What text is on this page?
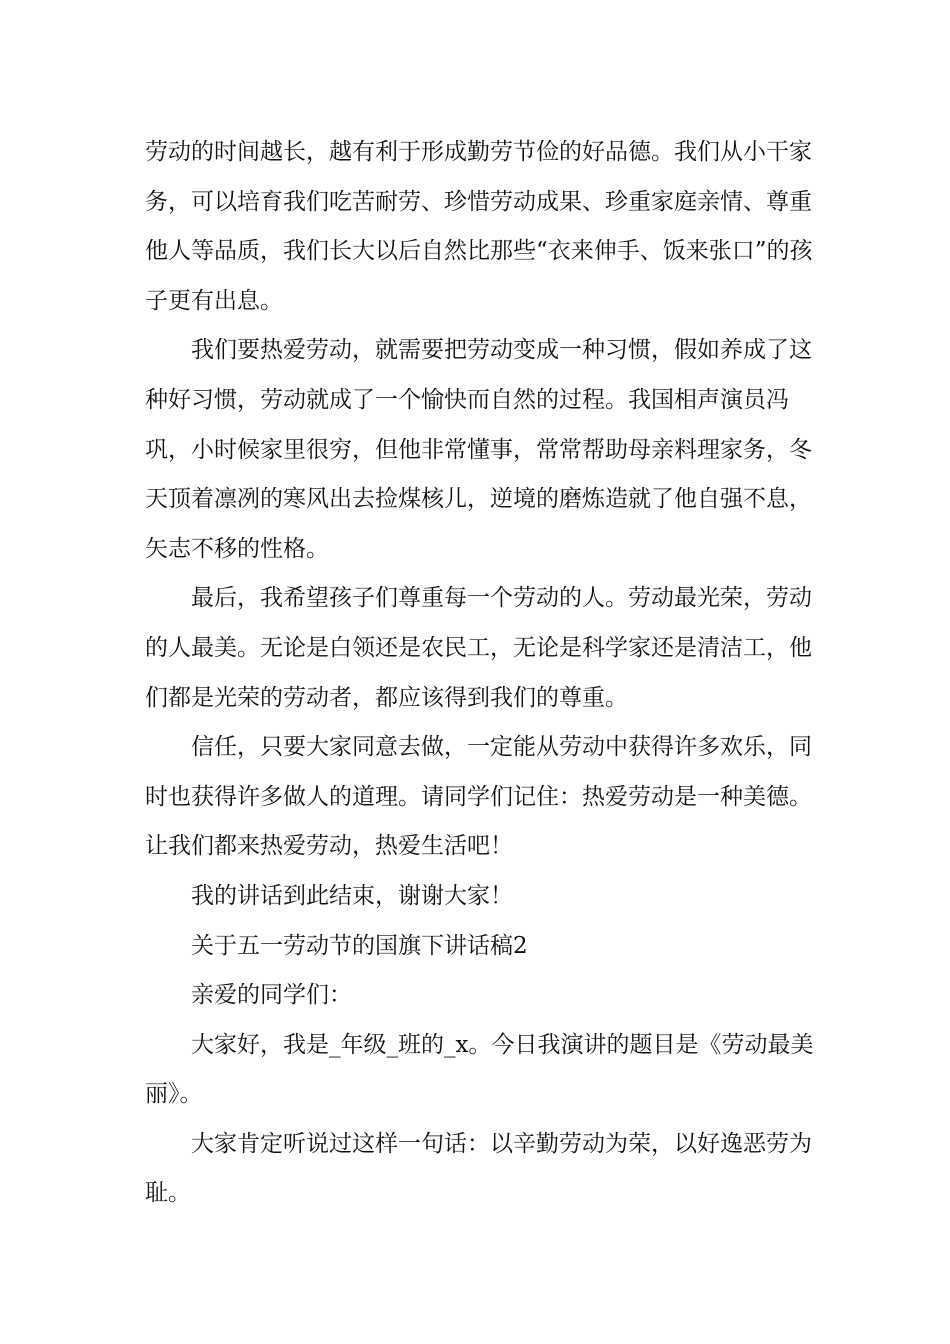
劳动的时间越长，越有利于形成勤劳节俭的好品德。我们从小干家务，可以培育我们吃苦耐劳、珍惜劳动成果、珍重家庭亲情、尊重他人等品质，我们长大以后自然比那些“衣来伸手、饭来张口”的孩子更有出息。

我们要热爱劳动，就需要把劳动变成一种习惯，假如养成了这种好习惯，劳动就成了一个愉快而自然的过程。我国相声演员冯巩，小时候家里很穷，但他非常懂事，常常帮助母亲料理家务，冬天顶着凛冽的寒风出去捡煤核儿，逆境的磨炼造就了他自强不息，矢志不移的性格。

最后，我希望孩子们尊重每一个劳动的人。劳动最光荣，劳动的人最美。无论是白领还是农民工，无论是科学家还是清洁工，他们都是光荣的劳动者，都应该得到我们的尊重。

信任，只要大家同意去做，一定能从劳动中获得许多欢乐，同时也获得许多做人的道理。请同学们记住：热爱劳动是一种美德。让我们都来热爱劳动，热爱生活吧！

我的讲话到此结束，谢谢大家！

关于五一劳动节的国旗下讲话稿2

亲爱的同学们：

大家好，我是_年级_班的_x。今日我演讲的题目是《劳动最美丽》。

大家肯定听说过这样一句话：以辛勤劳动为荣，以好逸恶劳为耻。
